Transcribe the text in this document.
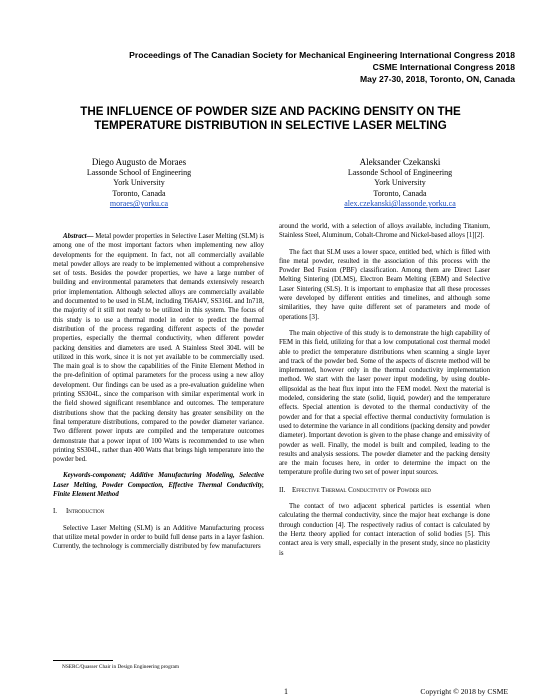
Proceedings of The Canadian Society for Mechanical Engineering International Congress 2018
CSME International Congress 2018
May 27-30, 2018, Toronto, ON, Canada
THE INFLUENCE OF POWDER SIZE AND PACKING DENSITY ON THE
TEMPERATURE DISTRIBUTION IN SELECTIVE LASER MELTING
Diego Augusto de Moraes
Lassonde School of Engineering
York University
Toronto, Canada
moraes@yorku.ca
Aleksander Czekanski
Lassonde School of Engineering
York University
Toronto, Canada
alex.czekanski@lassonde.yorku.ca

Abstract— Metal powder properties in Selective Laser Melting (SLM) is among one of the most important factors when implementing new alloy developments for the equipment. In fact, not all commercially available metal powder alloys are ready to be implemented without a comprehensive set of tests. Besides the powder properties, we have a large number of building and environmental parameters that demands extensively research prior implementation. Although selected alloys are commercially available and documented to be used in SLM, including Ti6Al4V, SS316L and In718, the majority of it still not ready to be utilized in this system. The focus of this study is to use a thermal model in order to predict the thermal distribution of the process regarding different aspects of the powder properties, especially the thermal conductivity, when different powder packing densities and diameters are used. A Stainless Steel 304L will be utilized in this work, since it is not yet available to be commercially used. The main goal is to show the capabilities of the Finite Element Method in the pre-definition of optimal parameters for the process using a new alloy development. Our findings can be used as a pre-evaluation guideline when printing SS304L, since the comparison with similar experimental work in the field showed significant resemblance and outcomes. The temperature distributions show that the packing density has greater sensibility on the final temperature distributions, compared to the powder diameter variance. Two different power inputs are compiled and the temperature outcomes demonstrate that a power input of 100 Watts is recommended to use when printing SS304L, rather than 400 Watts that brings high temperature into the powder bed.

Keywords-component; Additive Manufacturing Modeling, Selective Laser Melting, Powder Compaction, Effective Thermal Conductivity, Finite Element Method

I. Introduction

Selective Laser Melting (SLM) is an Additive Manufacturing process that utilize metal powder in order to build full dense parts in a layer fashion. Currently, the technology is commercially distributed by few manufacturers

around the world, with a selection of alloys available, including Titanium, Stainless Steel, Aluminum, Cobalt-Chrome and Nickel-based alloys [1][2].

The fact that SLM uses a lower space, entitled bed, which is filled with fine metal powder, resulted in the association of this process with the Powder Bed Fusion (PBF) classification. Among them are Direct Laser Melting Sintering (DLMS), Electron Beam Melting (EBM) and Selective Laser Sintering (SLS). It is important to emphasize that all these processes were developed by different entities and timelines, and although some similarities, they have quite different set of parameters and mode of operations [3].

The main objective of this study is to demonstrate the high capability of FEM in this field, utilizing for that a low computational cost thermal model able to predict the temperature distributions when scanning a single layer and track of the powder bed. Some of the aspects of discrete method will be implemented, however only in the thermal conductivity implementation method. We start with the laser power input modeling, by using double-ellipsoidal as the heat flux input into the FEM model. Next the material is modeled, considering the state (solid, liquid, powder) and the temperature effects. Special attention is devoted to the thermal conductivity of the powder and for that a special effective thermal conductivity formulation is used to determine the variance in all conditions (packing density and powder diameter). Important devotion is given to the phase change and emissivity of powder as well. Finally, the model is built and compiled, leading to the results and analysis sessions. The powder diameter and the packing density are the main focuses here, in order to determine the impact on the temperature profile during two set of power input sources.

II. Effective Thermal Conductivity of Powder bed

The contact of two adjacent spherical particles is essential when calculating the thermal conductivity, since the major heat exchange is done through conduction [4]. The respectively radius of contact is calculated by the Hertz theory applied for contact interaction of solid bodies [5]. This contact area is very small, especially in the present study, since no plasticity is

NSERC/Quasser Chair in Design Engineering program
1	Copyright © 2018 by CSME
